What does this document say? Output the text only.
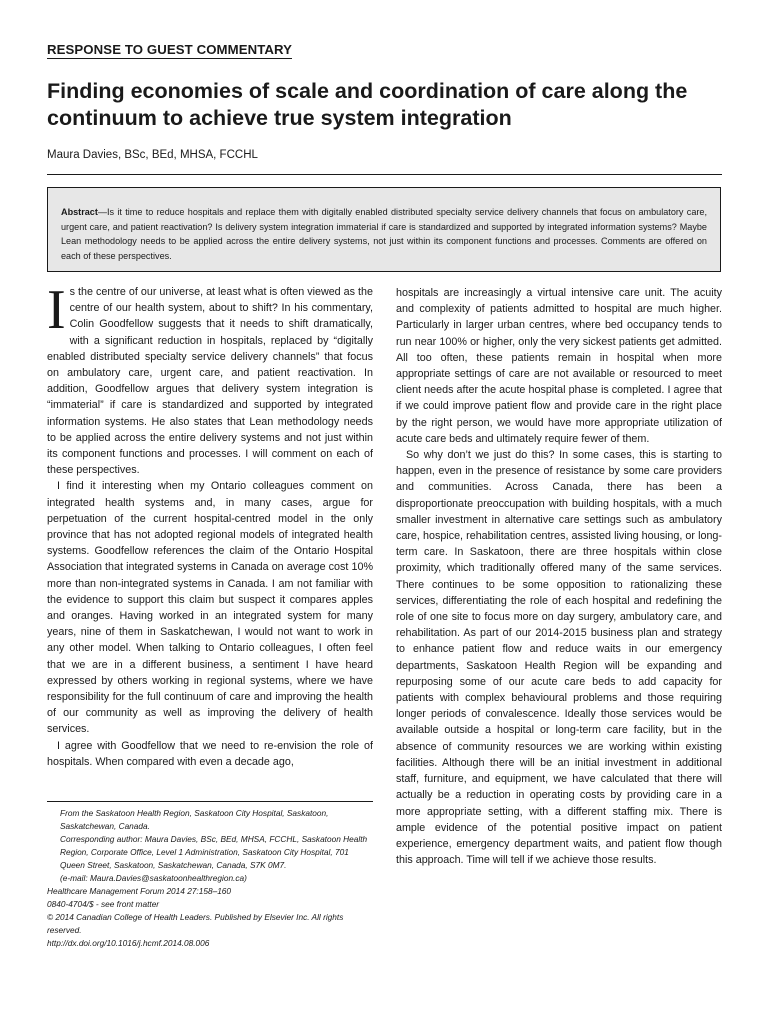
RESPONSE TO GUEST COMMENTARY
Finding economies of scale and coordination of care along the continuum to achieve true system integration
Maura Davies, BSc, BEd, MHSA, FCCHL
Abstract—Is it time to reduce hospitals and replace them with digitally enabled distributed specialty service delivery channels that focus on ambulatory care, urgent care, and patient reactivation? Is delivery system integration immaterial if care is standardized and supported by integrated information systems? Maybe Lean methodology needs to be applied across the entire delivery systems, not just within its component functions and processes. Comments are offered on each of these perspectives.

Is the centre of our universe, at least what is often viewed as the centre of our health system, about to shift? In his commentary, Colin Goodfellow suggests that it needs to shift dramatically, with a significant reduction in hospitals, replaced by “digitally enabled distributed specialty service delivery channels” that focus on ambulatory care, urgent care, and patient reactivation. In addition, Goodfellow argues that delivery system integration is “immaterial” if care is standardized and supported by integrated information systems. He also states that Lean methodology needs to be applied across the entire delivery systems and not just within its component functions and processes. I will comment on each of these perspectives.

I find it interesting when my Ontario colleagues comment on integrated health systems and, in many cases, argue for perpetuation of the current hospital-centred model in the only province that has not adopted regional models of integrated health systems. Goodfellow references the claim of the Ontario Hospital Association that integrated systems in Canada on average cost 10% more than non-integrated systems in Canada. I am not familiar with the evidence to support this claim but suspect it compares apples and oranges. Having worked in an integrated system for many years, nine of them in Saskatchewan, I would not want to work in any other model. When talking to Ontario colleagues, I often feel that we are in a different business, a sentiment I have heard expressed by others working in regional systems, where we have responsibility for the full continuum of care and improving the health of our community as well as improving the delivery of health services.

I agree with Goodfellow that we need to re-envision the role of hospitals. When compared with even a decade ago,

From the Saskatoon Health Region, Saskatoon City Hospital, Saskatoon, Saskatchewan, Canada.

Corresponding author: Maura Davies, BSc, BEd, MHSA, FCCHL, Saskatoon Health Region, Corporate Office, Level 1 Administration, Saskatoon City Hospital, 701 Queen Street, Saskatoon, Saskatchewan, Canada, S7K 0M7.

(e-mail: Maura.Davies@saskatoonhealthregion.ca)

Healthcare Management Forum 2014 27:158–160

0840-4704/$ - see front matter

© 2014 Canadian College of Health Leaders. Published by Elsevier Inc. All rights reserved.

http://dx.doi.org/10.1016/j.hcmf.2014.08.006

hospitals are increasingly a virtual intensive care unit. The acuity and complexity of patients admitted to hospital are much higher. Particularly in larger urban centres, where bed occupancy tends to run near 100% or higher, only the very sickest patients get admitted. All too often, these patients remain in hospital when more appropriate settings of care are not available or resourced to meet client needs after the acute hospital phase is completed. I agree that if we could improve patient flow and provide care in the right place by the right person, we would have more appropriate utilization of acute care beds and ultimately require fewer of them.

So why don’t we just do this? In some cases, this is starting to happen, even in the presence of resistance by some care providers and communities. Across Canada, there has been a disproportionate preoccupation with building hospitals, with a much smaller investment in alternative care settings such as ambulatory care, hospice, rehabilitation centres, assisted living housing, or long-term care. In Saskatoon, there are three hospitals within close proximity, which traditionally offered many of the same services. There continues to be some opposition to rationalizing these services, differentiating the role of each hospital and redefining the role of one site to focus more on day surgery, ambulatory care, and rehabilitation. As part of our 2014-2015 business plan and strategy to enhance patient flow and reduce waits in our emergency departments, Saskatoon Health Region will be expanding and repurposing some of our acute care beds to add capacity for patients with complex behavioural problems and those requiring longer periods of convalescence. Ideally those services would be available outside a hospital or long-term care facility, but in the absence of community resources we are working within existing facilities. Although there will be an initial investment in additional staff, furniture, and equipment, we have calculated that there will actually be a reduction in operating costs by providing care in a more appropriate setting, with a different staffing mix. There is ample evidence of the potential positive impact on patient experience, emergency department waits, and patient flow though this approach. Time will tell if we achieve those results.
